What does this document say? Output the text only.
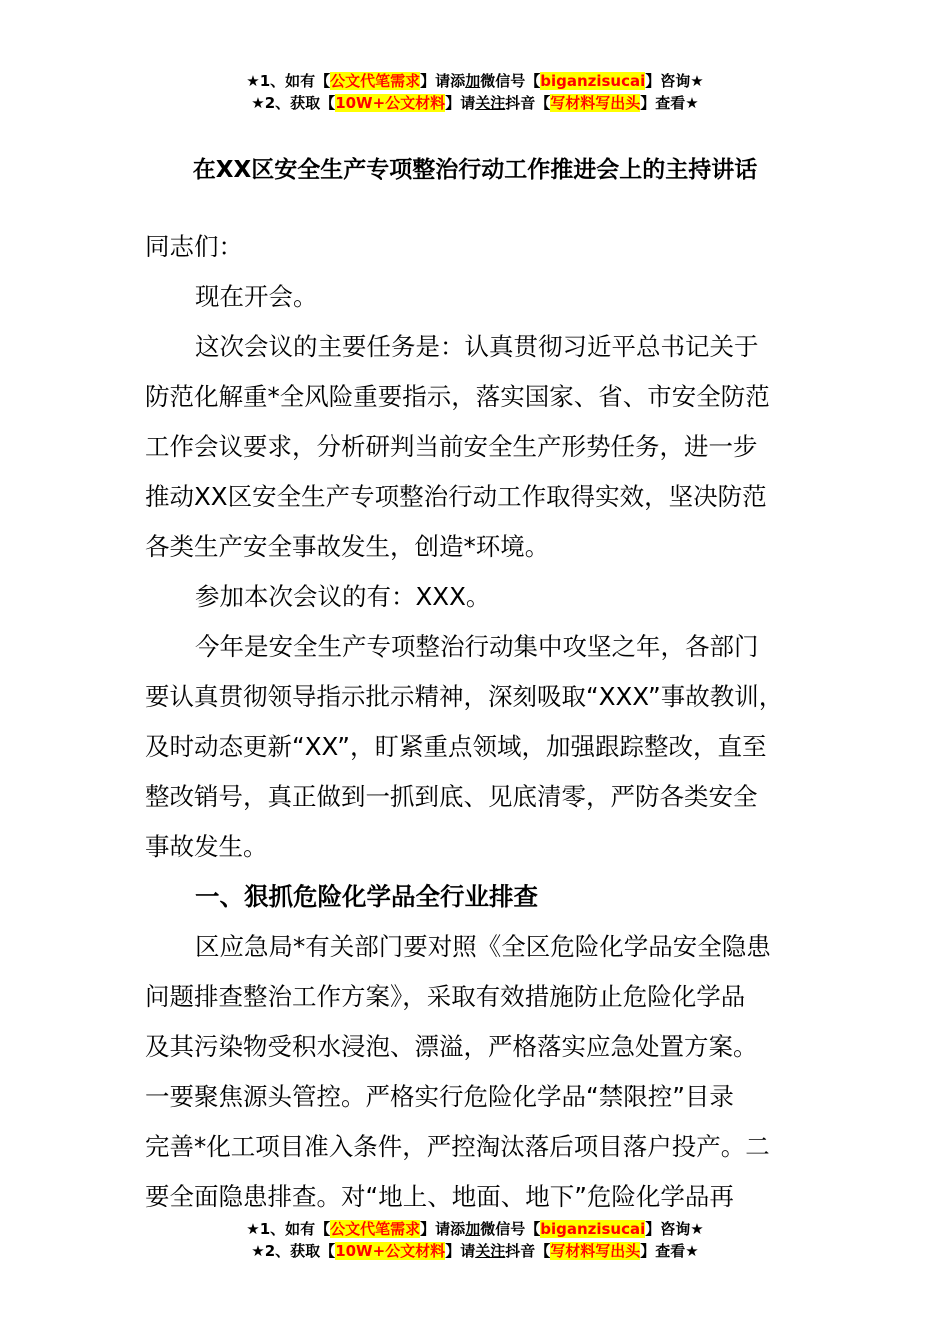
★1、如有【公文代笔需求】请添加微信号【biganzisucai】咨询★
★2、获取【10W+公文材料】请关注抖音【写材料写出头】查看★
在XX区安全生产专项整治行动工作推进会上的主持讲话

同志们：

现在开会。

这次会议的主要任务是：认真贯彻习近平总书记关于

防范化解重*全风险重要指示，落实国家、省、市安全防范

工作会议要求，分析研判当前安全生产形势任务，进一步

推动XX区安全生产专项整治行动工作取得实效，坚决防范

各类生产安全事故发生，创造*环境。

参加本次会议的有：XXX。

今年是安全生产专项整治行动集中攻坚之年，各部门

要认真贯彻领导指示批示精神，深刻吸取“XXX”事故教训，

及时动态更新“XX”，盯紧重点领域，加强跟踪整改，直至

整改销号，真正做到一抓到底、见底清零，严防各类安全

事故发生。

一、狠抓危险化学品全行业排查

区应急局*有关部门要对照《全区危险化学品安全隐患

问题排查整治工作方案》，采取有效措施防止危险化学品

及其污染物受积水浸泡、漂溢，严格落实应急处置方案。

一要聚焦源头管控。严格实行危险化学品“禁限控”目录

完善*化工项目准入条件，严控淘汰落后项目落户投产。二

要全面隐患排查。对“地上、地面、地下”危险化学品再

★1、如有【公文代笔需求】请添加微信号【biganzisucai】咨询★
★2、获取【10W+公文材料】请关注抖音【写材料写出头】查看★
